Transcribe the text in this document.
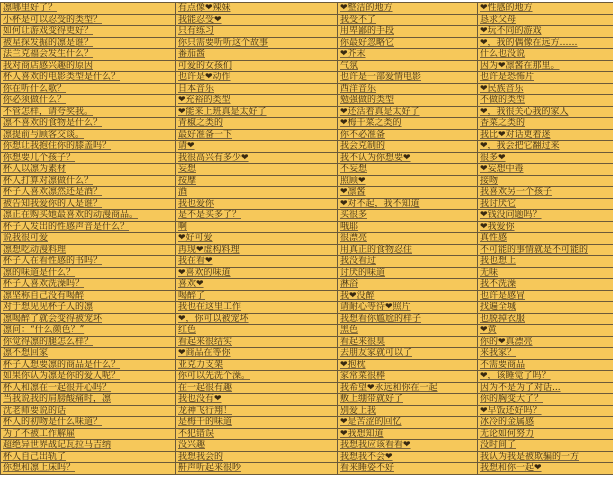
凛哪里好了？	有点像❤辣妹	❤整洁的地方	❤性感的地方
小杯是可以忍受的类型？	我能忍受❤	我受不了	恳求父母
如何让游戏变得更好？	只有练习	用卑鄙的手段	❤玩不同的游戏
被星探发掘的凛是谁？	你只需要听听这个故事	你最好忽略它	❤，我的偶像在远方……
法兰克福会发生什么？	番茄酱	❤芥末	什么也没说
我对商店感兴趣的原因	可爱的女孩们	气氛	因为❤凛酱在那里。
杯人喜欢的电影类型是什么？	也许是❤动作	也许是一部爱情电影	也许是恐怖片
你在听什么歌？	日本音乐	西洋音乐	❤民族音乐
你必须做什么？	❤充裕的类型	勉强做的类型	不做的类型
不管怎样，请夸奖我。	❤能来上班真是太好了	❤还活着真是太好了	❤，我很关心我的家人
凛不喜欢的食物是什么？	青椒之类的	❤梅干菜之类的	香菜之类的
凛提前与顾客交谈。	最好准备一下	你不必准备	我比❤对话更着迷
你想让我抱住你的膝盖吗？	请❤	我会克制的	❤，我会把它翻过来
你想要几个孩子？	我很高兴有多少❤	我不认为你想要❤	很多❤
杯人以凛为素材	妄想	不妄想	❤妄想中毒
杯人打算对凛做什么？	按摩	照顾❤	接吻
杯子人喜欢凛然还是酒？	酒	❤凛酱	我喜欢另一个孩子
被告知我爱你的人是谁？	我也爱你	❤对不起，我不知道	我讨厌它
凛正在购买她最喜欢的动漫商品。	是不是买多了？	买很多	❤钱没问题吗？
杯子人发出的性感声音是什么？	啊	哦耶	❤我爱你
说我很可爱	❤好可爱	很漂亮	真性感
凛想吃动漫料理	再现❤虚构料理	用真正的食物忍住	不可能的事情就是不可能的
杯子人在看性感的书吗？	我在看❤	我没看过	我也想上
凛的味道是什么？	❤喜欢的味道	讨厌的味道	无味
杯子人喜欢洗澡吗？	喜欢❤	淋浴	我不洗澡
凛坚称自己没有喝醉	喝醉了	我❤没醉	也许是感冒
对于想见见杯子人的凛	我也在这里工作	请耐心等待❤照片	找遍全城
凛喝醉了就会变得被宠坏	❤，你可以被宠坏	我想看你尴尬的样子	也脱掉衣服
凛问：“什么颜色？”	红色	黑色	❤黄
你觉得凛的腿怎么样？	看起来很结实	看起来很臭	你的❤真漂亮
凛不想回家	❤商品在等你	去朋友家就可以了	来我家？
杯子人想要凛的商品是什么？	亚克力支架	❤抱枕	不需要商品
如果你认为凛是你的爱人呢？	你可以先洗个澡。	家常菜很棒	❤，该睡觉了吗？
杯人和凛在一起很开心吗？	在一起很有趣	我希望❤永远和你在一起	因为不是为了对话...
当我说我的肩膀酸痛时，凛	我也没有❤	敷上绷带就好了	你的胸变大了？
沈老师要说的话	龙神飞行翔！	别爱上我	❤早饭还好吗？
杯人的初吻是什么味道？	是梅干的味道	❤是苦涩的回忆	冰冷的金属感
为了不被工作解雇	不犯错误	❤我想知道	无论如何努力
超绝异世界战记瓦拉马吉纳	没兴趣	我想我应该看看❤	没时间了
杯人自己出轨了	我想我会的	我想我不会❤	我认为我是被欺骗的一方
你想和凛上床吗？	鼾声听起来很吵	看来睡姿不好	我想和你一起❤
